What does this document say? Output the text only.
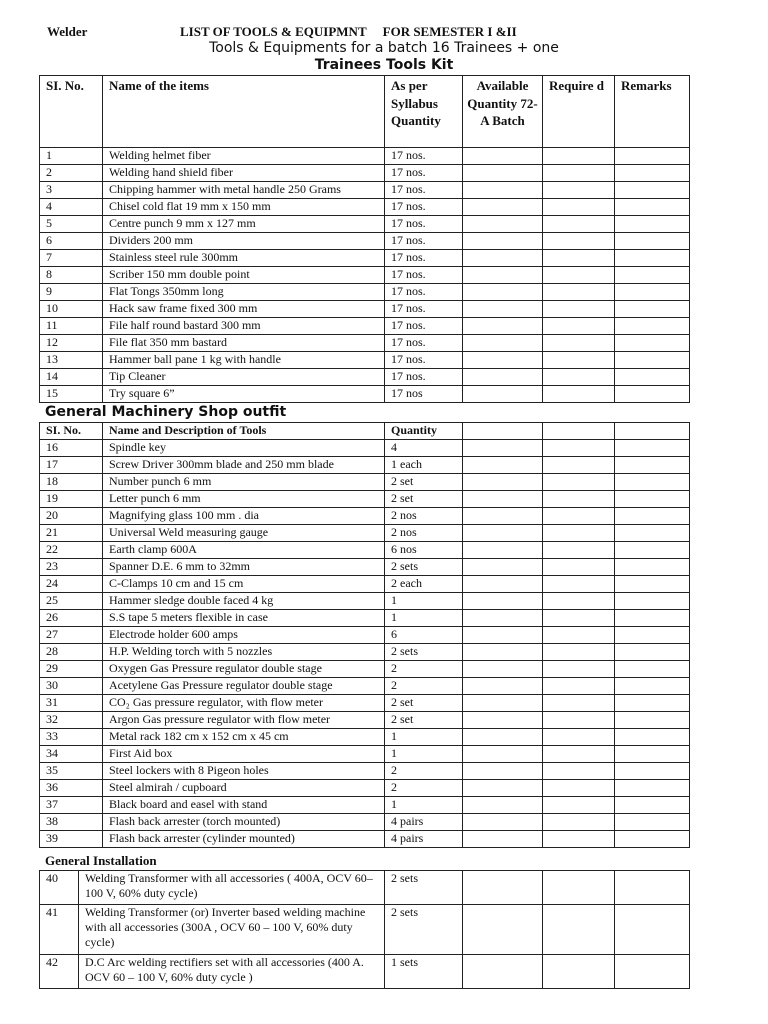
Welder	LIST OF TOOLS & EQUIPMNT     FOR SEMESTER I &II
Tools & Equipments for a batch 16 Trainees + one
Trainees Tools Kit
SI. No.	Name of the items	As per Syllabus Quantity	Available Quantity 72-A Batch	Require d	Remarks
1	Welding helmet fiber	17 nos.			
2	Welding hand shield fiber	17 nos.			
3	Chipping hammer with metal handle 250 Grams	17 nos.			
4	Chisel cold flat 19 mm x 150 mm	17 nos.			
5	Centre punch 9 mm x 127 mm	17 nos.			
6	Dividers 200 mm	17 nos.			
7	Stainless steel rule 300mm	17 nos.			
8	Scriber 150 mm double point	17 nos.			
9	Flat Tongs 350mm long	17 nos.			
10	Hack saw frame fixed 300 mm	17 nos.			
11	File half round bastard 300 mm	17 nos.			
12	File flat 350 mm bastard	17 nos.			
13	Hammer ball pane 1 kg with handle	17 nos.			
14	Tip Cleaner	17 nos.			
15	Try square 6”	17 nos			
General Machinery Shop outfit
SI. No.	Name and Description of Tools	Quantity			
16	Spindle key	4			
17	Screw Driver 300mm blade and 250 mm blade	1 each			
18	Number punch 6 mm	2 set			
19	Letter punch 6 mm	2 set			
20	Magnifying glass 100 mm . dia	2 nos			
21	Universal Weld measuring gauge	2 nos			
22	Earth clamp 600A	6 nos			
23	Spanner D.E. 6 mm to 32mm	2 sets			
24	C-Clamps 10 cm and 15 cm	2 each			
25	Hammer sledge double faced 4 kg	1			
26	S.S tape 5 meters flexible in case	1			
27	Electrode holder 600 amps	6			
28	H.P. Welding torch with 5 nozzles	2 sets			
29	Oxygen Gas Pressure regulator double stage	2			
30	Acetylene Gas Pressure regulator double stage	2			
31	CO₂ Gas pressure regulator, with flow meter	2 set			
32	Argon Gas pressure regulator with flow meter	2 set			
33	Metal rack 182 cm x 152 cm x 45 cm	1			
34	First Aid box	1			
35	Steel lockers with 8 Pigeon holes	2			
36	Steel almirah / cupboard	2			
37	Black board and easel with stand	1			
38	Flash back arrester (torch mounted)	4 pairs			
39	Flash back arrester (cylinder mounted)	4 pairs			
General Installation
40	Welding Transformer with all accessories ( 400A, OCV 60–100 V, 60% duty cycle)	2 sets			
41	Welding Transformer (or) Inverter based welding machine with all accessories (300A , OCV 60 – 100 V, 60% duty cycle)	2 sets			
42	D.C Arc welding rectifiers set with all accessories (400 A. OCV 60 – 100 V, 60% duty cycle )	1 sets			
